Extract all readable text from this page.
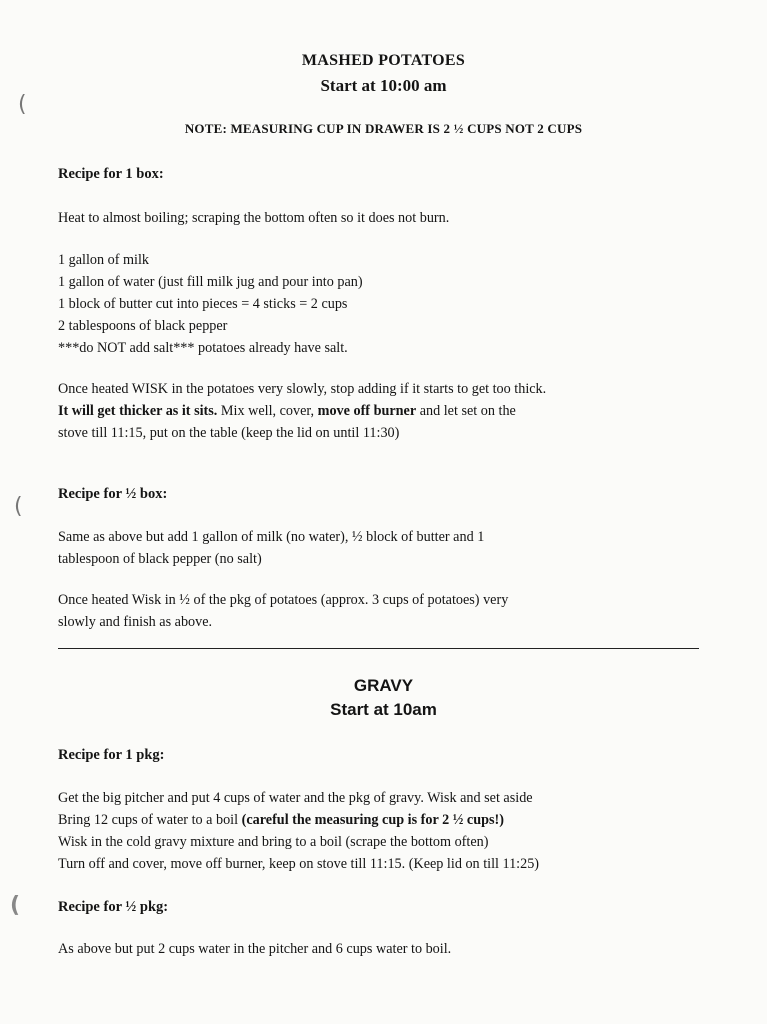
(
(
(
MASHED POTATOES
Start at 10:00 am
NOTE: MEASURING CUP IN DRAWER IS 2 ½ CUPS NOT 2 CUPS
Recipe for 1 box:
Heat to almost boiling; scraping the bottom often so it does not burn.
1 gallon of milk
1 gallon of water (just fill milk jug and pour into pan)
1 block of butter cut into pieces = 4 sticks = 2 cups
2 tablespoons of black pepper
***do NOT add salt*** potatoes already have salt.
Once heated WISK in the potatoes very slowly, stop adding if it starts to get too thick.
It will get thicker as it sits. Mix well, cover, move off burner and let set on the
stove till 11:15, put on the table (keep the lid on until 11:30)
Recipe for ½ box:
Same as above but add 1 gallon of milk (no water), ½ block of butter and 1
tablespoon of black pepper (no salt)
Once heated Wisk in ½ of the pkg of potatoes (approx. 3 cups of potatoes) very
slowly and finish as above.
GRAVY
Start at 10am
Recipe for 1 pkg:
Get the big pitcher and put 4 cups of water and the pkg of gravy. Wisk and set aside
Bring 12 cups of water to a boil (careful the measuring cup is for 2 ½ cups!)
Wisk in the cold gravy mixture and bring to a boil (scrape the bottom often)
Turn off and cover, move off burner, keep on stove till 11:15. (Keep lid on till 11:25)
Recipe for ½ pkg:
As above but put 2 cups water in the pitcher and 6 cups water to boil.
